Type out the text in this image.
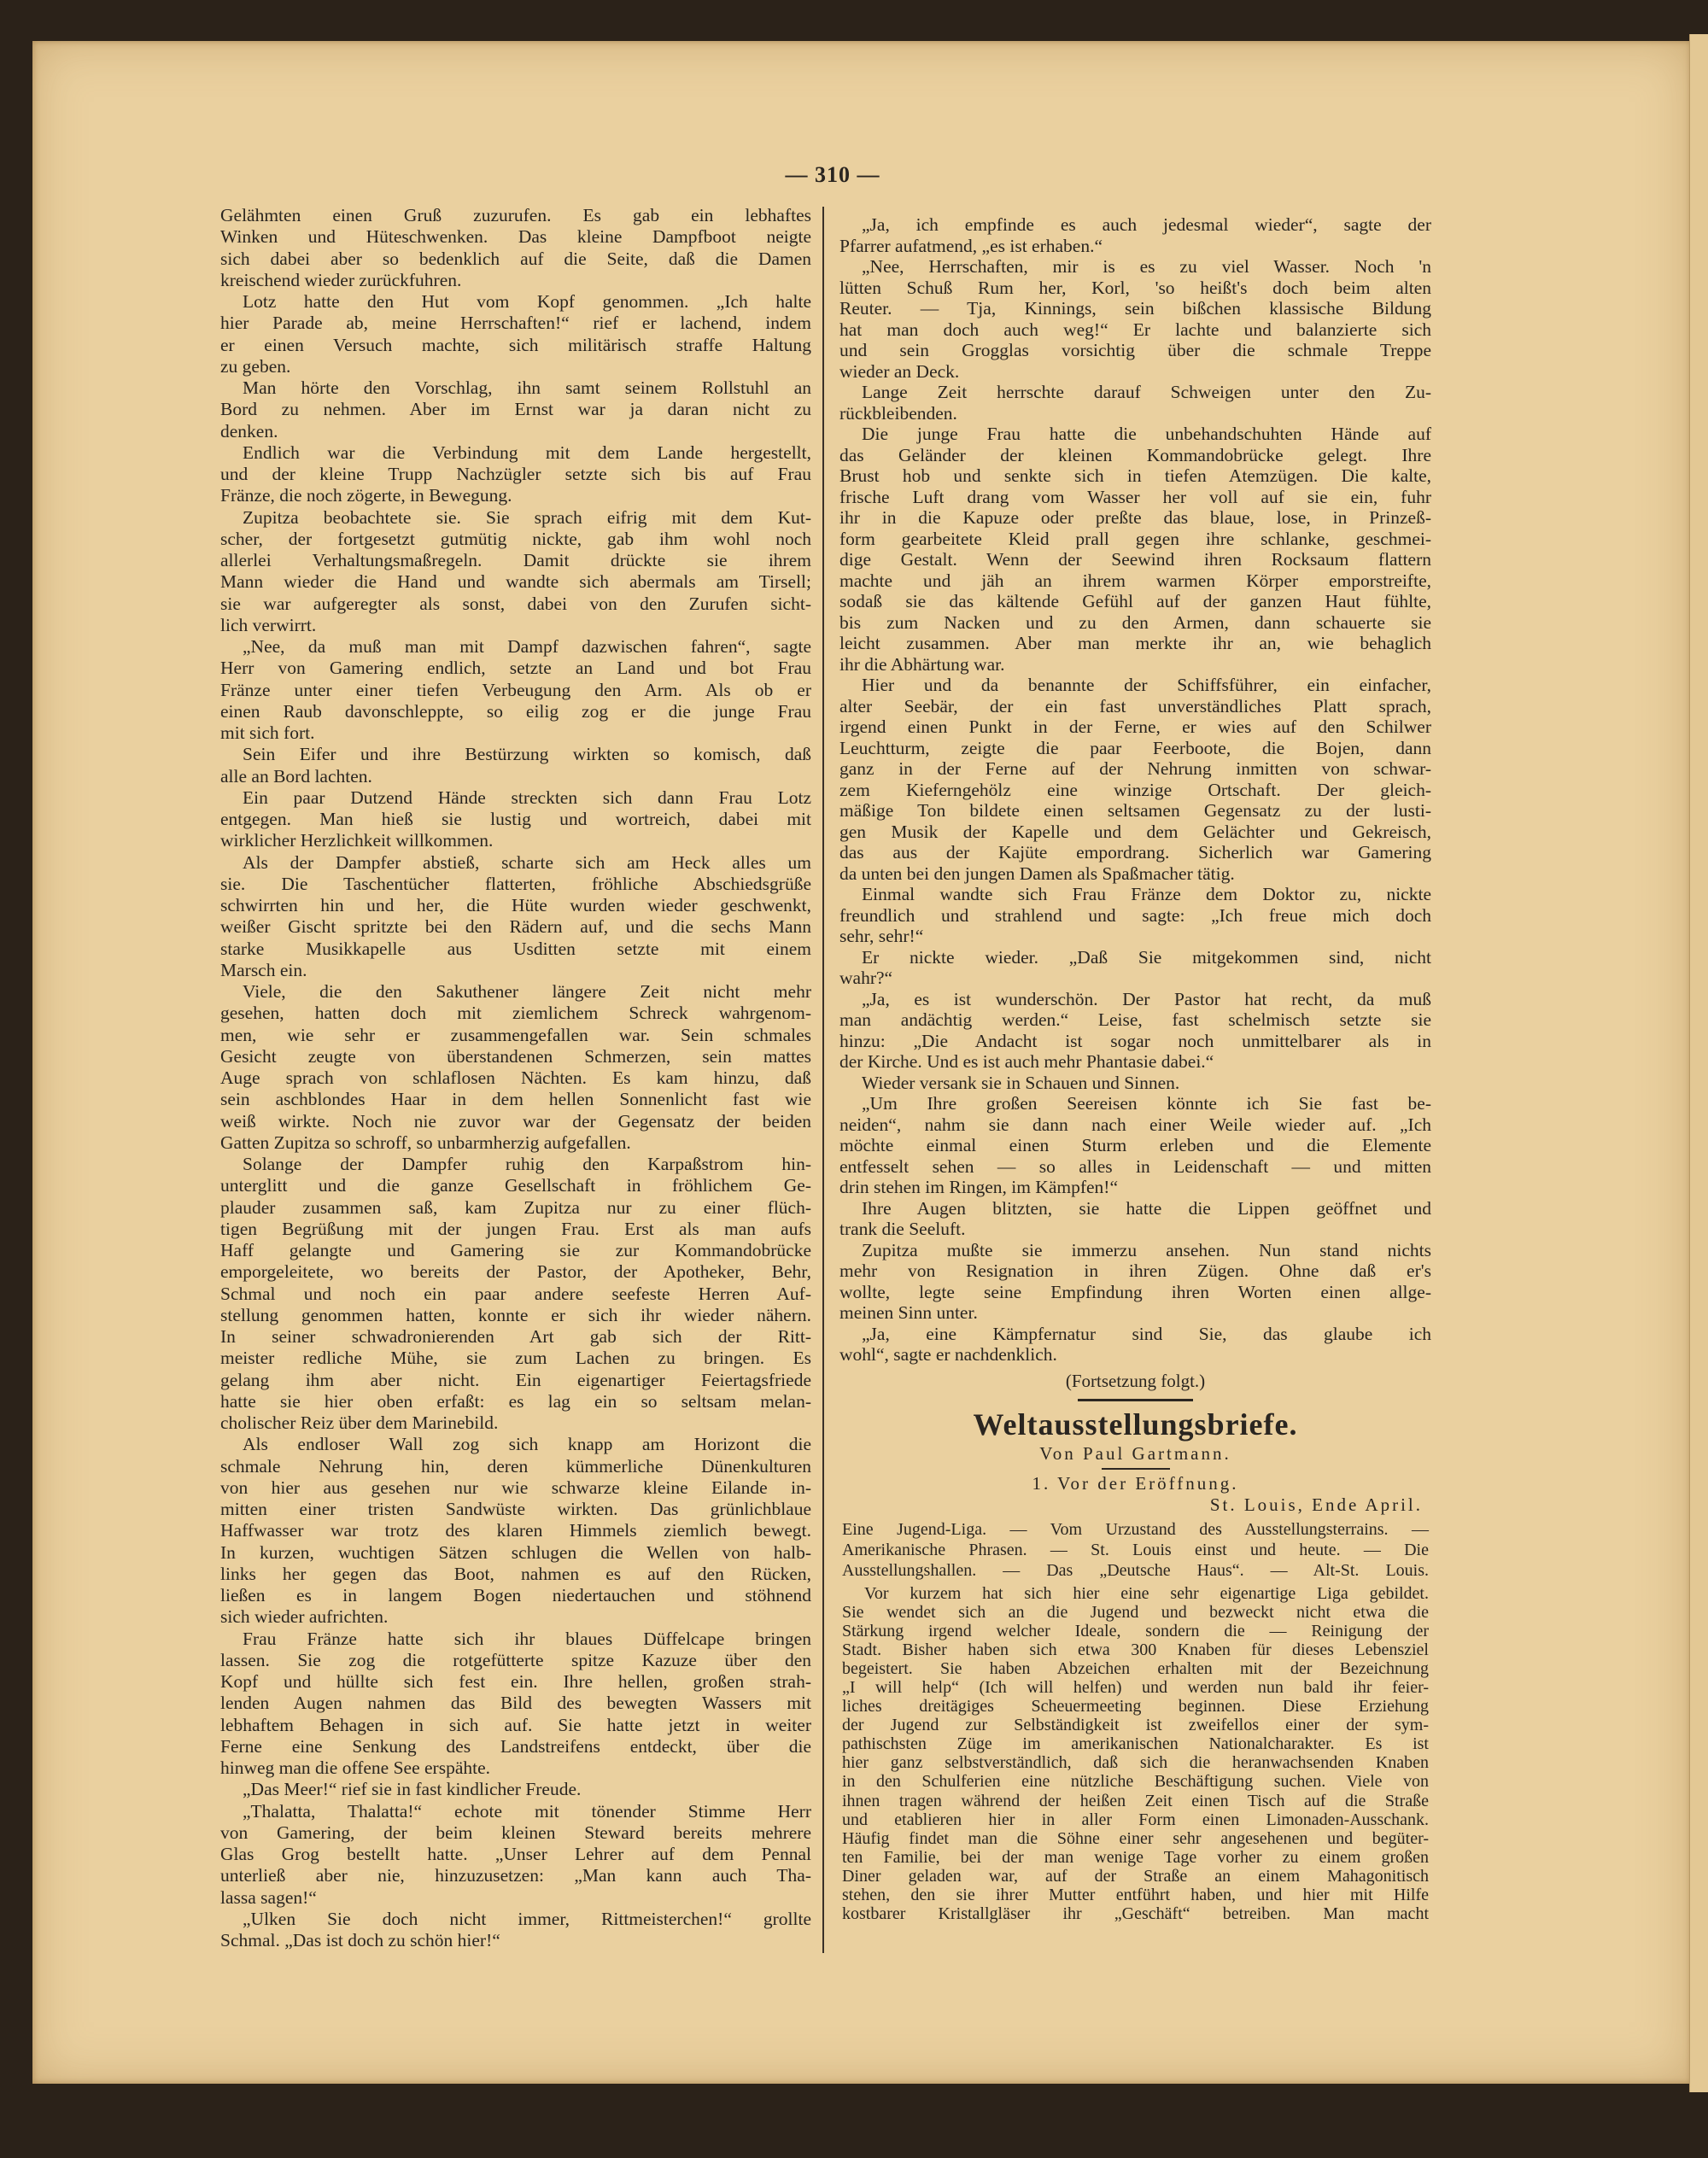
— 310 —
Gelähmten einen Gruß zuzurufen. Es gab ein lebhaftes
Winken und Hüteschwenken. Das kleine Dampfboot neigte
sich dabei aber so bedenklich auf die Seite, daß die Damen
kreischend wieder zurückfuhren.
Lotz hatte den Hut vom Kopf genommen. „Ich halte
hier Parade ab, meine Herrschaften!“ rief er lachend, indem
er einen Versuch machte, sich militärisch straffe Haltung
zu geben.
Man hörte den Vorschlag, ihn samt seinem Rollstuhl an
Bord zu nehmen. Aber im Ernst war ja daran nicht zu
denken.
Endlich war die Verbindung mit dem Lande hergestellt,
und der kleine Trupp Nachzügler setzte sich bis auf Frau
Fränze, die noch zögerte, in Bewegung.
Zupitza beobachtete sie. Sie sprach eifrig mit dem Kut-
scher, der fortgesetzt gutmütig nickte, gab ihm wohl noch
allerlei Verhaltungsmaßregeln. Damit drückte sie ihrem
Mann wieder die Hand und wandte sich abermals am Tirsell;
sie war aufgeregter als sonst, dabei von den Zurufen sicht-
lich verwirrt.
„Nee, da muß man mit Dampf dazwischen fahren“, sagte
Herr von Gamering endlich, setzte an Land und bot Frau
Fränze unter einer tiefen Verbeugung den Arm. Als ob er
einen Raub davonschleppte, so eilig zog er die junge Frau
mit sich fort.
Sein Eifer und ihre Bestürzung wirkten so komisch, daß
alle an Bord lachten.
Ein paar Dutzend Hände streckten sich dann Frau Lotz
entgegen. Man hieß sie lustig und wortreich, dabei mit
wirklicher Herzlichkeit willkommen.
Als der Dampfer abstieß, scharte sich am Heck alles um
sie. Die Taschentücher flatterten, fröhliche Abschiedsgrüße
schwirrten hin und her, die Hüte wurden wieder geschwenkt,
weißer Gischt spritzte bei den Rädern auf, und die sechs Mann
starke Musikkapelle aus Usditten setzte mit einem
Marsch ein.
Viele, die den Sakuthener längere Zeit nicht mehr
gesehen, hatten doch mit ziemlichem Schreck wahrgenom-
men, wie sehr er zusammengefallen war. Sein schmales
Gesicht zeugte von überstandenen Schmerzen, sein mattes
Auge sprach von schlaflosen Nächten. Es kam hinzu, daß
sein aschblondes Haar in dem hellen Sonnenlicht fast wie
weiß wirkte. Noch nie zuvor war der Gegensatz der beiden
Gatten Zupitza so schroff, so unbarmherzig aufgefallen.
Solange der Dampfer ruhig den Karpaßstrom hin-
unterglitt und die ganze Gesellschaft in fröhlichem Ge-
plauder zusammen saß, kam Zupitza nur zu einer flüch-
tigen Begrüßung mit der jungen Frau. Erst als man aufs
Haff gelangte und Gamering sie zur Kommandobrücke
emporgeleitete, wo bereits der Pastor, der Apotheker, Behr,
Schmal und noch ein paar andere seefeste Herren Auf-
stellung genommen hatten, konnte er sich ihr wieder nähern.
In seiner schwadronierenden Art gab sich der Ritt-
meister redliche Mühe, sie zum Lachen zu bringen. Es
gelang ihm aber nicht. Ein eigenartiger Feiertagsfriede
hatte sie hier oben erfaßt: es lag ein so seltsam melan-
cholischer Reiz über dem Marinebild.
Als endloser Wall zog sich knapp am Horizont die
schmale Nehrung hin, deren kümmerliche Dünenkulturen
von hier aus gesehen nur wie schwarze kleine Eilande in-
mitten einer tristen Sandwüste wirkten. Das grünlichblaue
Haffwasser war trotz des klaren Himmels ziemlich bewegt.
In kurzen, wuchtigen Sätzen schlugen die Wellen von halb-
links her gegen das Boot, nahmen es auf den Rücken,
ließen es in langem Bogen niedertauchen und stöhnend
sich wieder aufrichten.
Frau Fränze hatte sich ihr blaues Düffelcape bringen
lassen. Sie zog die rotgefütterte spitze Kazuze über den
Kopf und hüllte sich fest ein. Ihre hellen, großen strah-
lenden Augen nahmen das Bild des bewegten Wassers mit
lebhaftem Behagen in sich auf. Sie hatte jetzt in weiter
Ferne eine Senkung des Landstreifens entdeckt, über die
hinweg man die offene See erspähte.
„Das Meer!“ rief sie in fast kindlicher Freude.
„Thalatta, Thalatta!“ echote mit tönender Stimme Herr
von Gamering, der beim kleinen Steward bereits mehrere
Glas Grog bestellt hatte. „Unser Lehrer auf dem Pennal
unterließ aber nie, hinzuzusetzen: „Man kann auch Tha-
lassa sagen!“
„Ulken Sie doch nicht immer, Rittmeisterchen!“ grollte
Schmal. „Das ist doch zu schön hier!“
„Ja, ich empfinde es auch jedesmal wieder“, sagte der
Pfarrer aufatmend, „es ist erhaben.“
„Nee, Herrschaften, mir is es zu viel Wasser. Noch 'n
lütten Schuß Rum her, Korl, 'so heißt's doch beim alten
Reuter. — Tja, Kinnings, sein bißchen klassische Bildung
hat man doch auch weg!“ Er lachte und balanzierte sich
und sein Grogglas vorsichtig über die schmale Treppe
wieder an Deck.
Lange Zeit herrschte darauf Schweigen unter den Zu-
rückbleibenden.
Die junge Frau hatte die unbehandschuhten Hände auf
das Geländer der kleinen Kommandobrücke gelegt. Ihre
Brust hob und senkte sich in tiefen Atemzügen. Die kalte,
frische Luft drang vom Wasser her voll auf sie ein, fuhr
ihr in die Kapuze oder preßte das blaue, lose, in Prinzeß-
form gearbeitete Kleid prall gegen ihre schlanke, geschmei-
dige Gestalt. Wenn der Seewind ihren Rocksaum flattern
machte und jäh an ihrem warmen Körper emporstreifte,
sodaß sie das kältende Gefühl auf der ganzen Haut fühlte,
bis zum Nacken und zu den Armen, dann schauerte sie
leicht zusammen. Aber man merkte ihr an, wie behaglich
ihr die Abhärtung war.
Hier und da benannte der Schiffsführer, ein einfacher,
alter Seebär, der ein fast unverständliches Platt sprach,
irgend einen Punkt in der Ferne, er wies auf den Schilwer
Leuchtturm, zeigte die paar Feerboote, die Bojen, dann
ganz in der Ferne auf der Nehrung inmitten von schwar-
zem Kieferngehölz eine winzige Ortschaft. Der gleich-
mäßige Ton bildete einen seltsamen Gegensatz zu der lusti-
gen Musik der Kapelle und dem Gelächter und Gekreisch,
das aus der Kajüte empordrang. Sicherlich war Gamering
da unten bei den jungen Damen als Spaßmacher tätig.
Einmal wandte sich Frau Fränze dem Doktor zu, nickte
freundlich und strahlend und sagte: „Ich freue mich doch
sehr, sehr!“
Er nickte wieder. „Daß Sie mitgekommen sind, nicht
wahr?“
„Ja, es ist wunderschön. Der Pastor hat recht, da muß
man andächtig werden.“ Leise, fast schelmisch setzte sie
hinzu: „Die Andacht ist sogar noch unmittelbarer als in
der Kirche. Und es ist auch mehr Phantasie dabei.“
Wieder versank sie in Schauen und Sinnen.
„Um Ihre großen Seereisen könnte ich Sie fast be-
neiden“, nahm sie dann nach einer Weile wieder auf. „Ich
möchte einmal einen Sturm erleben und die Elemente
entfesselt sehen — so alles in Leidenschaft — und mitten
drin stehen im Ringen, im Kämpfen!“
Ihre Augen blitzten, sie hatte die Lippen geöffnet und
trank die Seeluft.
Zupitza mußte sie immerzu ansehen. Nun stand nichts
mehr von Resignation in ihren Zügen. Ohne daß er's
wollte, legte seine Empfindung ihren Worten einen allge-
meinen Sinn unter.
„Ja, eine Kämpfernatur sind Sie, das glaube ich
wohl“, sagte er nachdenklich.
(Fortsetzung folgt.)
Weltausstellungsbriefe.
Von Paul Gartmann.
1. Vor der Eröffnung.
St. Louis, Ende April.
Eine Jugend-Liga. — Vom Urzustand des Ausstellungsterrains. —
Amerikanische Phrasen. — St. Louis einst und heute. — Die
Ausstellungshallen. — Das „Deutsche Haus“. — Alt-St. Louis.
Vor kurzem hat sich hier eine sehr eigenartige Liga gebildet.
Sie wendet sich an die Jugend und bezweckt nicht etwa die
Stärkung irgend welcher Ideale, sondern die — Reinigung der
Stadt. Bisher haben sich etwa 300 Knaben für dieses Lebensziel
begeistert. Sie haben Abzeichen erhalten mit der Bezeichnung
„I will help“ (Ich will helfen) und werden nun bald ihr feier-
liches dreitägiges Scheuermeeting beginnen. Diese Erziehung
der Jugend zur Selbständigkeit ist zweifellos einer der sym-
pathischsten Züge im amerikanischen Nationalcharakter. Es ist
hier ganz selbstverständlich, daß sich die heranwachsenden Knaben
in den Schulferien eine nützliche Beschäftigung suchen. Viele von
ihnen tragen während der heißen Zeit einen Tisch auf die Straße
und etablieren hier in aller Form einen Limonaden-Ausschank.
Häufig findet man die Söhne einer sehr angesehenen und begüter-
ten Familie, bei der man wenige Tage vorher zu einem großen
Diner geladen war, auf der Straße an einem Mahagonitisch
stehen, den sie ihrer Mutter entführt haben, und hier mit Hilfe
kostbarer Kristallgläser ihr „Geschäft“ betreiben. Man macht
